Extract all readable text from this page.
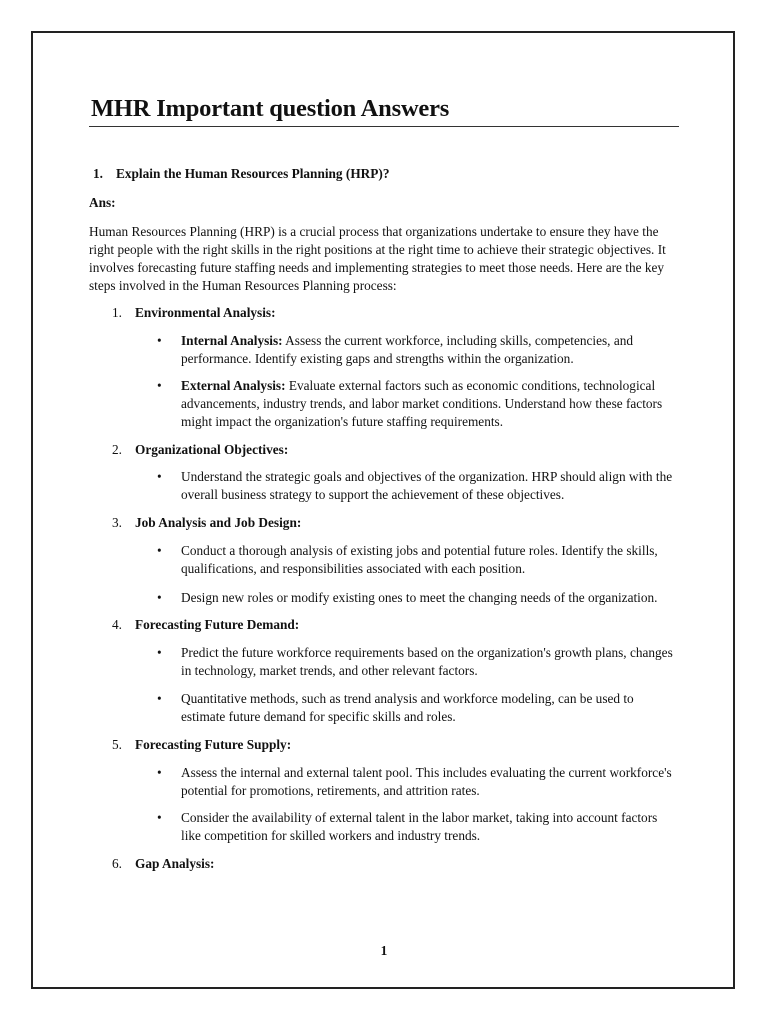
MHR Important question Answers
1. Explain the Human Resources Planning (HRP)?
Ans:

Human Resources Planning (HRP) is a crucial process that organizations undertake to ensure they have the right people with the right skills in the right positions at the right time to achieve their strategic objectives. It involves forecasting future staffing needs and implementing strategies to meet those needs. Here are the key steps involved in the Human Resources Planning process:

1. Environmental Analysis:
•	Internal Analysis: Assess the current workforce, including skills, competencies, and performance. Identify existing gaps and strengths within the organization.
•	External Analysis: Evaluate external factors such as economic conditions, technological advancements, industry trends, and labor market conditions. Understand how these factors might impact the organization's future staffing requirements.
2. Organizational Objectives:
•	Understand the strategic goals and objectives of the organization. HRP should align with the overall business strategy to support the achievement of these objectives.
3. Job Analysis and Job Design:
•	Conduct a thorough analysis of existing jobs and potential future roles. Identify the skills, qualifications, and responsibilities associated with each position.
•	Design new roles or modify existing ones to meet the changing needs of the organization.
4. Forecasting Future Demand:
•	Predict the future workforce requirements based on the organization's growth plans, changes in technology, market trends, and other relevant factors.
•	Quantitative methods, such as trend analysis and workforce modeling, can be used to estimate future demand for specific skills and roles.
5. Forecasting Future Supply:
•	Assess the internal and external talent pool. This includes evaluating the current workforce's potential for promotions, retirements, and attrition rates.
•	Consider the availability of external talent in the labor market, taking into account factors like competition for skilled workers and industry trends.
6. Gap Analysis:
1
